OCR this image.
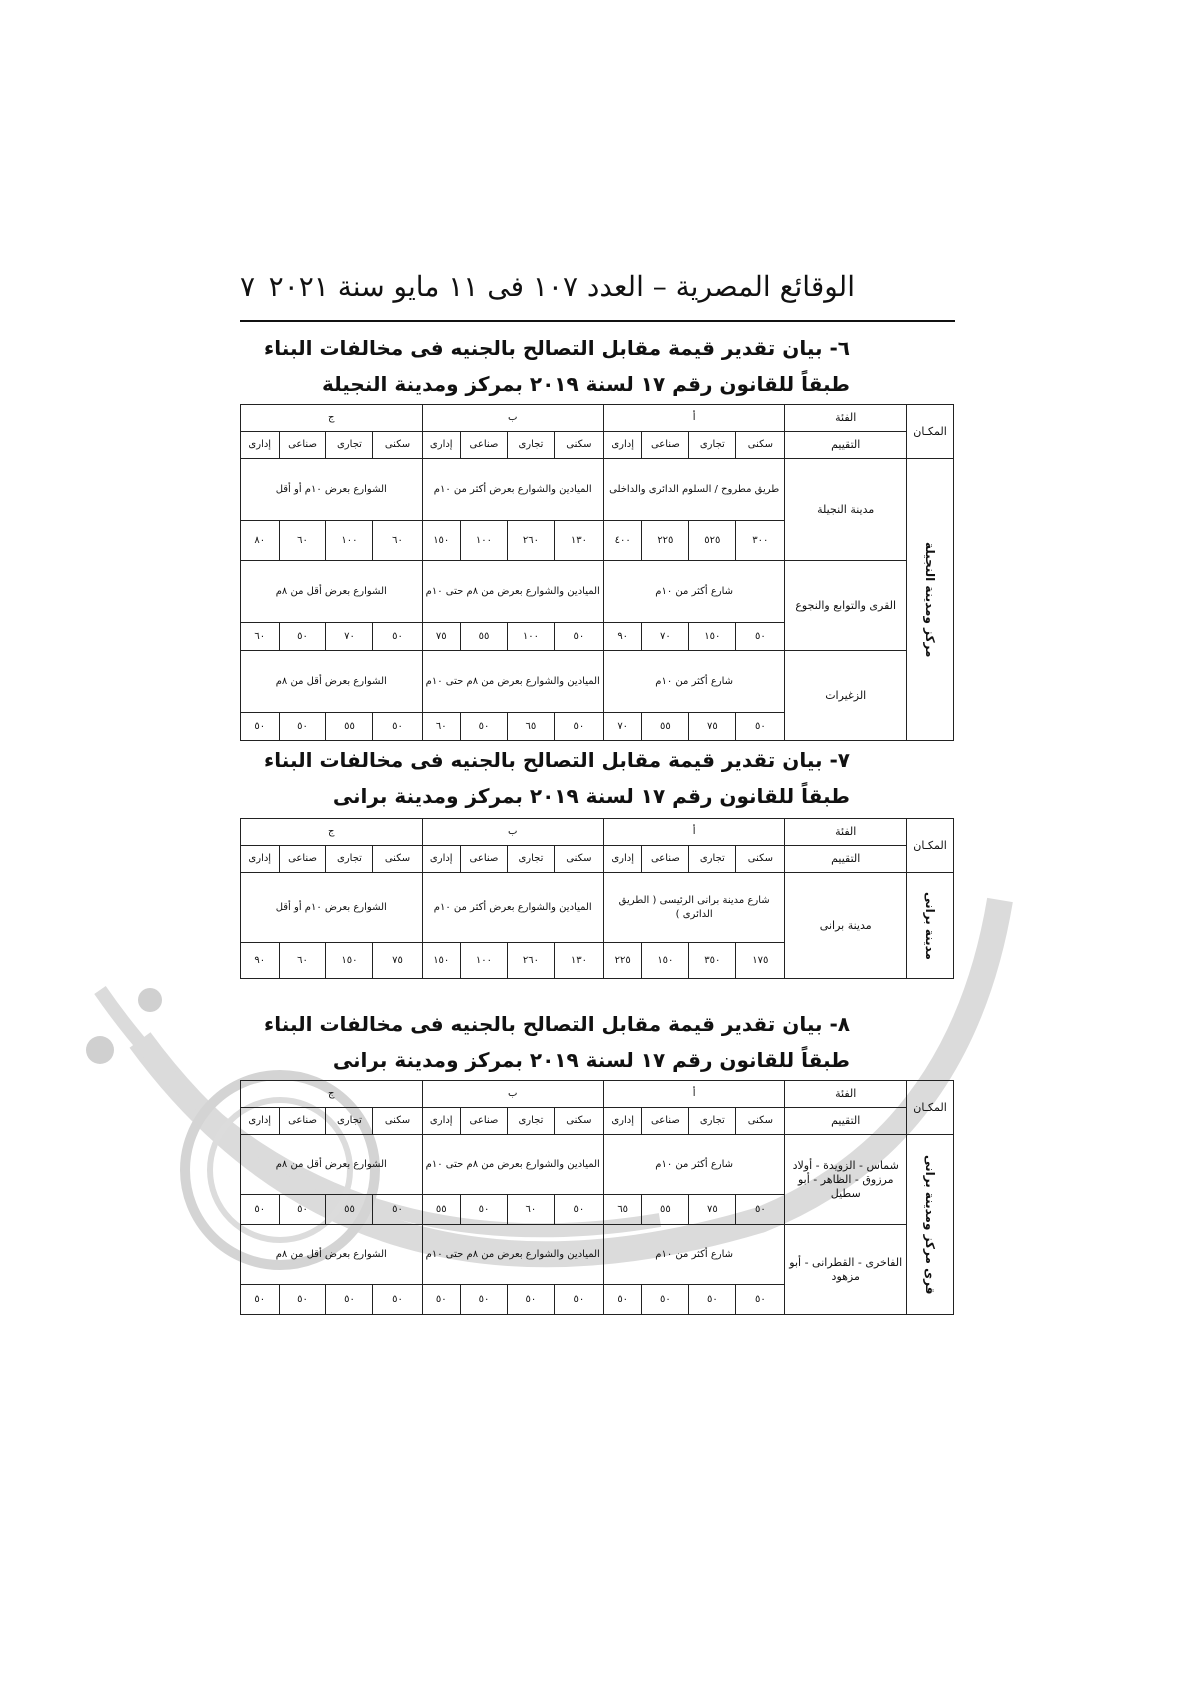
الوقائع المصرية – العدد ١٠٧ فى ١١ مايو سنة ٢٠٢١
٧
٦- بيان تقدير قيمة مقابل التصالح بالجنيه فى مخالفات البناء
طبقاً للقانون رقم ١٧ لسنة ٢٠١٩ بمركز ومدينة النجيلة
المكـان	الفئة	أ				ب				ج			

	التقييم	سكنى	تجارى	صناعى	إدارى	سكنى	تجارى	صناعى	إدارى	سكنى	تجارى	صناعى	إدارى
مركز ومدينة النجيلة	مدينة النجيلة	طريق مطروح / السلوم الدائرى والداخلى				الميادين والشوارع بعرض أكثر من ١٠م				الشوارع بعرض ١٠م أو أقل			
		٣٠٠	٥٢٥	٢٢٥	٤٠٠	١٣٠	٢٦٠	١٠٠	١٥٠	٦٠	١٠٠	٦٠	٨٠
	القرى والتوابع والنجوع	شارع أكثر من ١٠م				الميادين والشوارع بعرض من ٨م حتى ١٠م				الشوارع بعرض أقل من ٨م			
		٥٠	١٥٠	٧٠	٩٠	٥٠	١٠٠	٥٥	٧٥	٥٠	٧٠	٥٠	٦٠
	الزغيرات	شارع أكثر من ١٠م				الميادين والشوارع بعرض من ٨م حتى ١٠م				الشوارع بعرض أقل من ٨م			
		٥٠	٧٥	٥٥	٧٠	٥٠	٦٥	٥٠	٦٠	٥٠	٥٥	٥٠	٥٠
٧- بيان تقدير قيمة مقابل التصالح بالجنيه فى مخالفات البناء
طبقاً للقانون رقم ١٧ لسنة ٢٠١٩ بمركز ومدينة برانى
المكـان	الفئة	أ				ب				ج			
	التقييم	سكنى	تجارى	صناعى	إدارى	سكنى	تجارى	صناعى	إدارى	سكنى	تجارى	صناعى	إدارى
مدينة برانى	مدينة برانى	شارع مدينة برانى الرئيسى ( الطريق الدائرى )				الميادين والشوارع بعرض أكثر من ١٠م				الشوارع بعرض ١٠م أو أقل			
		١٧٥	٣٥٠	١٥٠	٢٢٥	١٣٠	٢٦٠	١٠٠	١٥٠	٧٥	١٥٠	٦٠	٩٠
٨- بيان تقدير قيمة مقابل التصالح بالجنيه فى مخالفات البناء
طبقاً للقانون رقم ١٧ لسنة ٢٠١٩ بمركز ومدينة برانى
المكـان	الفئة	أ				ب				ج			
	التقييم	سكنى	تجارى	صناعى	إدارى	سكنى	تجارى	صناعى	إدارى	سكنى	تجارى	صناعى	إدارى
قرى مركز ومدينة برانى	شماس - الزويدة - أولاد مرزوق - الظاهر - أبو سطيل	شارع أكثر من ١٠م				الميادين والشوارع بعرض من ٨م حتى ١٠م				الشوارع بعرض أقل من ٨م			
		٥٠	٧٥	٥٥	٦٥	٥٠	٦٠	٥٠	٥٥	٥٠	٥٥	٥٠	٥٠
	الفاخرى - القطرانى - أبو مزهود	شارع أكثر من ١٠م				الميادين والشوارع بعرض من ٨م حتى ١٠م				الشوارع بعرض أقل من ٨م			
		٥٠	٥٠	٥٠	٥٠	٥٠	٥٠	٥٠	٥٠	٥٠	٥٠	٥٠	٥٠
